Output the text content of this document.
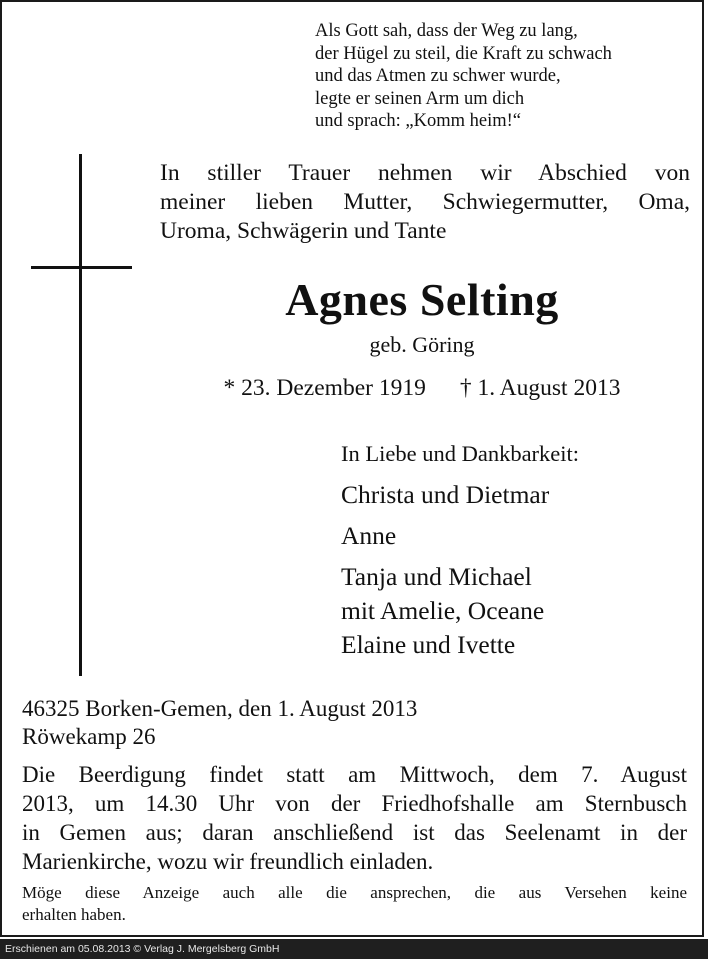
Als Gott sah, dass der Weg zu lang,
der Hügel zu steil, die Kraft zu schwach
und das Atmen zu schwer wurde,
legte er seinen Arm um dich
und sprach: „Komm heim!“
In stiller Trauer nehmen wir Abschied von
meiner lieben Mutter, Schwiegermutter, Oma,
Uroma, Schwägerin und Tante
Agnes Selting
geb. Göring
* 23. Dezember 1919 † 1. August 2013
In Liebe und Dankbarkeit:
Christa und Dietmar
Anne
Tanja und Michael
mit Amelie, Oceane
Elaine und Ivette
46325 Borken-Gemen, den 1. August 2013
Röwekamp 26
Die Beerdigung findet statt am Mittwoch, dem 7. August
2013, um 14.30 Uhr von der Friedhofshalle am Sternbusch
in Gemen aus; daran anschließend ist das Seelenamt in der
Marienkirche, wozu wir freundlich einladen.
Möge diese Anzeige auch alle die ansprechen, die aus Versehen keine
erhalten haben.
Erschienen am 05.08.2013 © Verlag J. Mergelsberg GmbH
